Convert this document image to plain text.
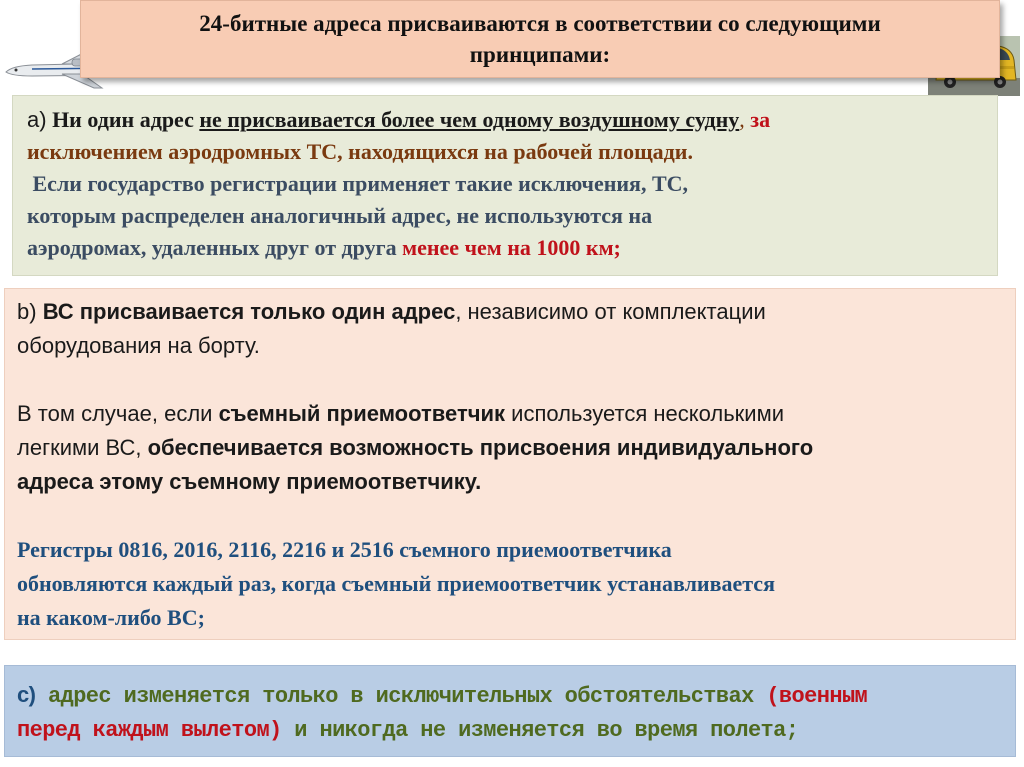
24-битные адреса присваиваются в соответствии со следующими
принципами:

а) Ни один адрес не присваивается более чем одному воздушному судну, за

исключением аэродромных ТС, находящихся на рабочей площади.

Если государство регистрации применяет такие исключения, ТС,

которым распределен аналогичный адрес, не используются на

аэродромах, удаленных друг от друга менее чем на 1000 км;

b) ВС присваивается только один адрес, независимо от комплектации

оборудования на борту.

В том случае, если съемный приемоответчик используется несколькими

легкими ВС, обеспечивается возможность присвоения индивидуального

адреса этому съемному приемоответчику.

Регистры 0816, 2016, 2116, 2216 и 2516 съемного приемоответчика

обновляются каждый раз, когда съемный приемоответчик устанавливается

на каком-либо ВС;

с) адрес изменяется только в исключительных обстоятельствах (военным

перед каждым вылетом) и никогда не изменяется во время полета;
